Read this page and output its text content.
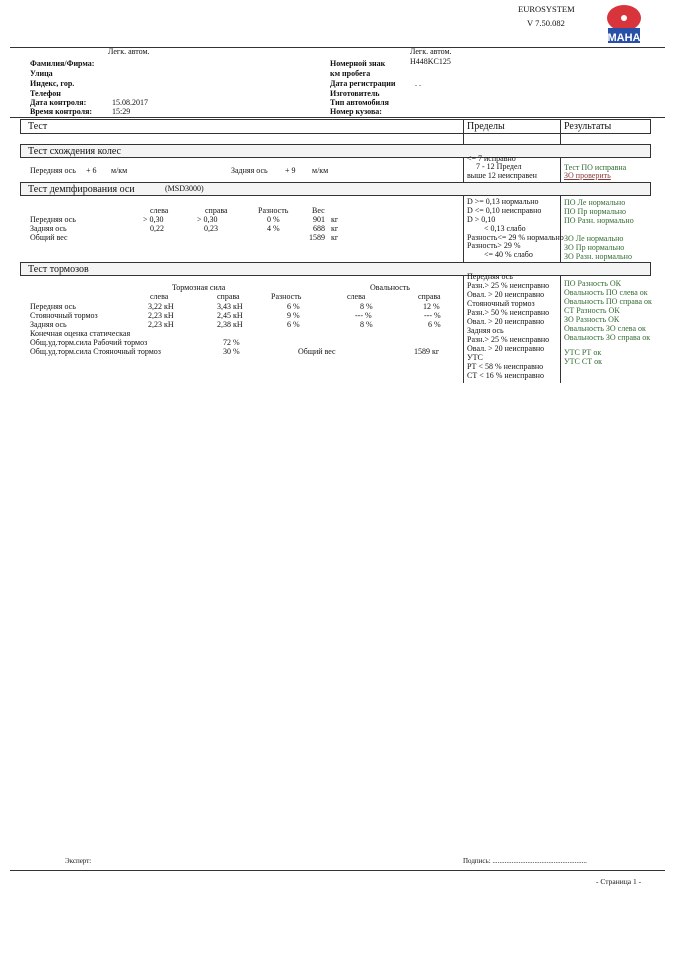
EUROSYSTEM
V 7.50.082
MAHA
Легк. автом.	Легк. автом.
Фамилия/Фирма:
Улица
Индекс, гор.
Телефон
Дата контроля:	15.08.2017
Время контроля: 15:29
Номерной знак	H448KC125
км пробега
Дата регистрации . .
Изготовитель
Тип автомобиля
Номер кузова:
Тест	Пределы	Результаты
Тест схождения колес
Передняя ось + 6 м/км	Задняя ось + 9 м/км
<= 7 исправно
7 - 12 Предел
выше 12 неисправен
Тест ПО исправна
ЗО проверить
Тест демпфирования оси	(MSD3000)
слева	справа	Разность	Вес
Передняя ось	> 0,30	> 0,30	0 %	901 кг
Задняя ось	0,22	0,23	4 %	688 кг
Общий вес	1589 кг
D >= 0,13 нормально
D <= 0,10 неисправно
D > 0,10
< 0,13 слабо
Разность<= 29 % нормально
Разность> 29 %
<= 40 % слабо
ПО Ле нормально
ПО Пр нормально
ПО Разн. нормально
ЗО Ле нормально
ЗО Пр нормально
ЗО Разн. нормально
Тест тормозов
Тормозная сила	Овальность
слева	справа	Разность	слева	справа
Передняя ось	3,22 кН	3,43 кН	6 %	8 %	12 %
Стояночный тормоз	2,23 кН	2,45 кН	9 %	--- %	--- %
Задняя ось	2,23 кН	2,38 кН	6 %	8 %	6 %
Конечная оценка статическая
Общ.уд.торм.сила Рабочий тормоз	72 %
Общ.уд.торм.сила Стояночный тормоз	30 %	Общий вес	1589 кг
Передняя ось
Разн.> 25 % неисправно
Овал. > 20 неисправно
Стояночный тормоз
Разн.> 50 % неисправно
Овал. > 20 неисправно
Задняя ось
Разн.> 25 % неисправно
Овал. > 20 неисправно
УТС
РТ < 58 % неисправно
СТ < 16 % неисправно
ПО Разность ОК
Овальность ПО слева ок
Овальность ПО справа ок
СТ Разность ОК
ЗО Разность ОК
Овальность ЗО слева ок
Овальность ЗО справа ок
УТС РТ ок
УТС СТ ок
Эксперт:	Подпись: ......................................................
- Страница 1 -
